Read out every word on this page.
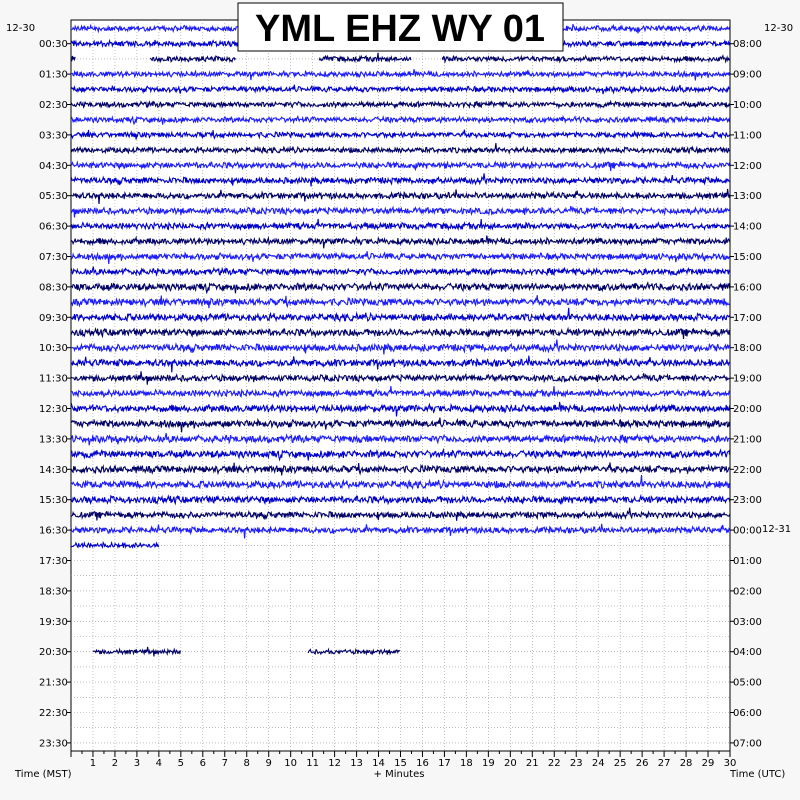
1 2 3 4 5 6 7 8 9 10 11 12 13 14 15 16 17 18 19 20 21 22 23 24 25 26 27 28 29 30
00:30
01:30
02:30
03:30
04:30
05:30
06:30
07:30
08:30
09:30
10:30
11:30
12:30
13:30
14:30
15:30
16:30
17:30
18:30
19:30
20:30
21:30
22:30
23:30
08:00
09:00
10:00
11:00
12:00
13:00
14:00
15:00
16:00
17:00
18:00
19:00
20:00
21:00
22:00
23:00
00:00
01:00
02:00
03:00
04:00
05:00
06:00
07:00
12-30	12-30
12-31
Time (MST)	+ Minutes	Time (UTC)
YML EHZ WY 01
